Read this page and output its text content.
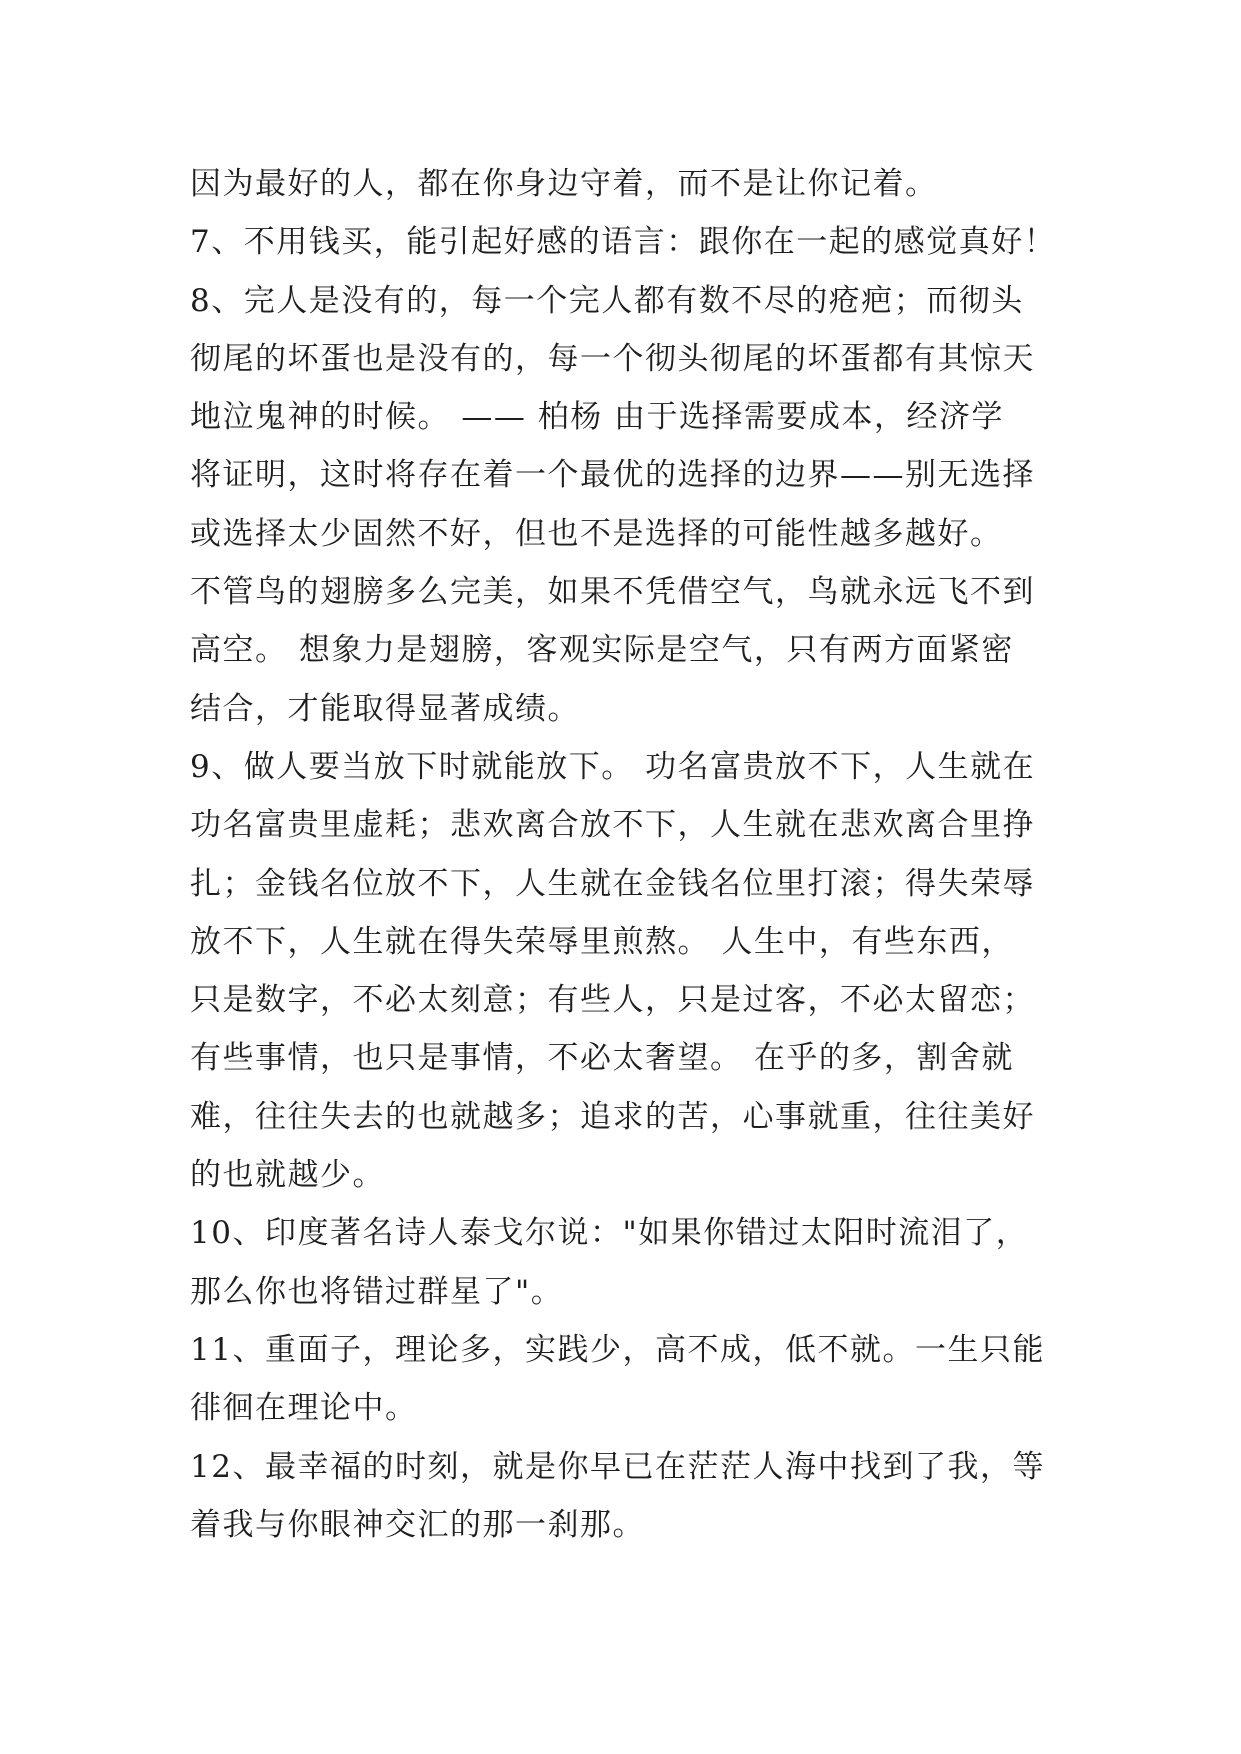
因为最好的人，都在你身边守着，而不是让你记着。
7、不用钱买，能引起好感的语言：跟你在一起的感觉真好！
8、完人是没有的，每一个完人都有数不尽的疮疤；而彻头
彻尾的坏蛋也是没有的，每一个彻头彻尾的坏蛋都有其惊天
地泣鬼神的时候。 —— 柏杨 由于选择需要成本，经济学
将证明，这时将存在着一个最优的选择的边界——别无选择
或选择太少固然不好，但也不是选择的可能性越多越好。
不管鸟的翅膀多么完美，如果不凭借空气，鸟就永远飞不到
高空。 想象力是翅膀，客观实际是空气，只有两方面紧密
结合，才能取得显著成绩。
9、做人要当放下时就能放下。 功名富贵放不下，人生就在
功名富贵里虚耗；悲欢离合放不下，人生就在悲欢离合里挣
扎；金钱名位放不下，人生就在金钱名位里打滚；得失荣辱
放不下，人生就在得失荣辱里煎熬。 人生中，有些东西，
只是数字，不必太刻意；有些人，只是过客，不必太留恋；
有些事情，也只是事情，不必太奢望。 在乎的多，割舍就
难，往往失去的也就越多；追求的苦，心事就重，往往美好
的也就越少。
10、印度著名诗人泰戈尔说："如果你错过太阳时流泪了，
那么你也将错过群星了"。
11、重面子，理论多，实践少，高不成，低不就。一生只能
徘徊在理论中。
12、最幸福的时刻，就是你早已在茫茫人海中找到了我，等
着我与你眼神交汇的那一刹那。
